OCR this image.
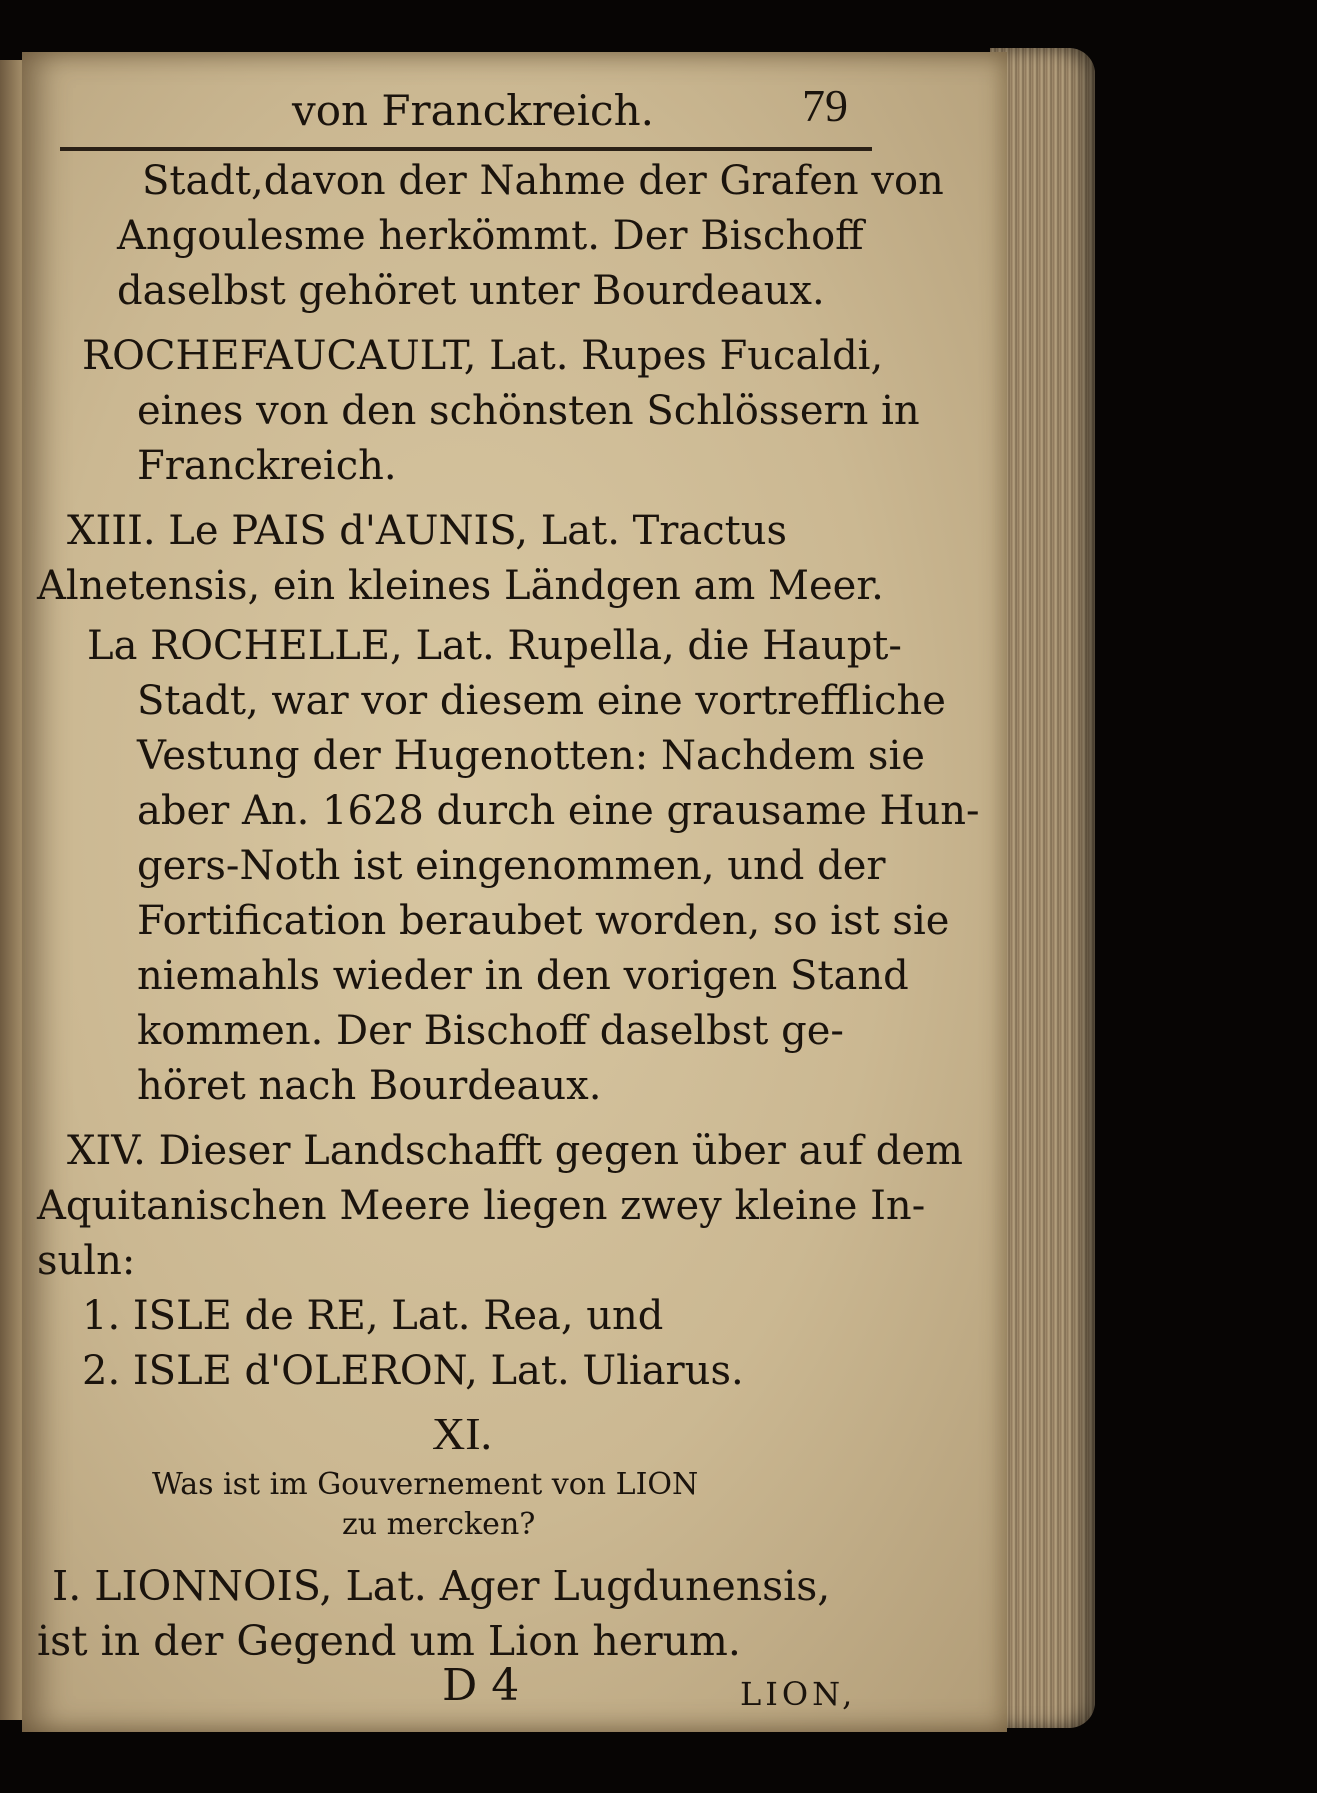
von Franckreich.	79
Stadt,davon der Nahme der Grafen von
Angoulesme herkömmt. Der Bischoff
daselbst gehöret unter Bourdeaux.
ROCHEFAUCAULT, Lat. Rupes Fucaldi,
eines von den schönsten Schlössern in
Franckreich.
XIII. Le PAIS d'AUNIS, Lat. Tractus
Alnetensis, ein kleines Ländgen am Meer.
La ROCHELLE, Lat. Rupella, die Haupt-
Stadt, war vor diesem eine vortreffliche
Vestung der Hugenotten: Nachdem sie
aber An. 1628 durch eine grausame Hun-
gers-Noth ist eingenommen, und der
Fortification beraubet worden, so ist sie
niemahls wieder in den vorigen Stand
kommen. Der Bischoff daselbst ge-
höret nach Bourdeaux.
XIV. Dieser Landschafft gegen über auf dem
Aquitanischen Meere liegen zwey kleine In-
suln:
1. ISLE de RE, Lat. Rea, und
2. ISLE d'OLERON, Lat. Uliarus.
XI.
Was ist im Gouvernement von LION
zu mercken?
I. LIONNOIS, Lat. Ager Lugdunensis,
ist in der Gegend um Lion herum.
D 4	LION,
